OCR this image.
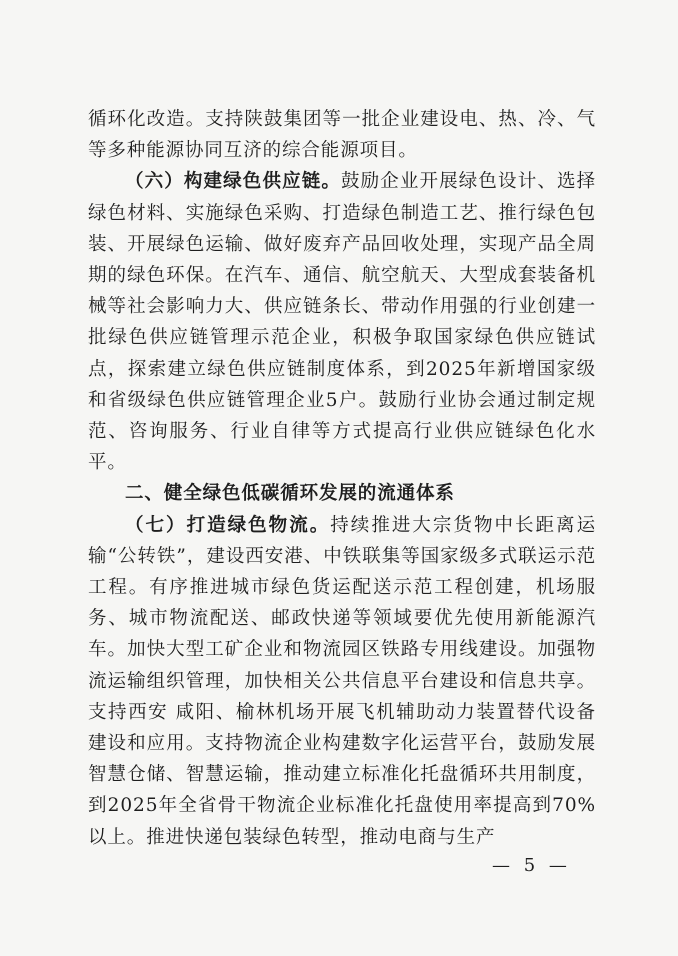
循环化改造。支持陕鼓集团等一批企业建设电、热、冷、气等多种能源协同互济的综合能源项目。

（六）构建绿色供应链。鼓励企业开展绿色设计、选择绿色材料、实施绿色采购、打造绿色制造工艺、推行绿色包装、开展绿色运输、做好废弃产品回收处理，实现产品全周期的绿色环保。在汽车、通信、航空航天、大型成套装备机械等社会影响力大、供应链条长、带动作用强的行业创建一批绿色供应链管理示范企业，积极争取国家绿色供应链试点，探索建立绿色供应链制度体系，到2025年新增国家级和省级绿色供应链管理企业5户。鼓励行业协会通过制定规范、咨询服务、行业自律等方式提高行业供应链绿色化水平。

二、健全绿色低碳循环发展的流通体系

（七）打造绿色物流。持续推进大宗货物中长距离运输“公转铁”，建设西安港、中铁联集等国家级多式联运示范工程。有序推进城市绿色货运配送示范工程创建，机场服务、城市物流配送、邮政快递等领域要优先使用新能源汽车。加快大型工矿企业和物流园区铁路专用线建设。加强物流运输组织管理，加快相关公共信息平台建设和信息共享。支持西安 咸阳、榆林机场开展飞机辅助动力装置替代设备建设和应用。支持物流企业构建数字化运营平台，鼓励发展智慧仓储、智慧运输，推动建立标准化托盘循环共用制度，到2025年全省骨干物流企业标准化托盘使用率提高到70%以上。推进快递包装绿色转型，推动电商与生产

— 5 —
